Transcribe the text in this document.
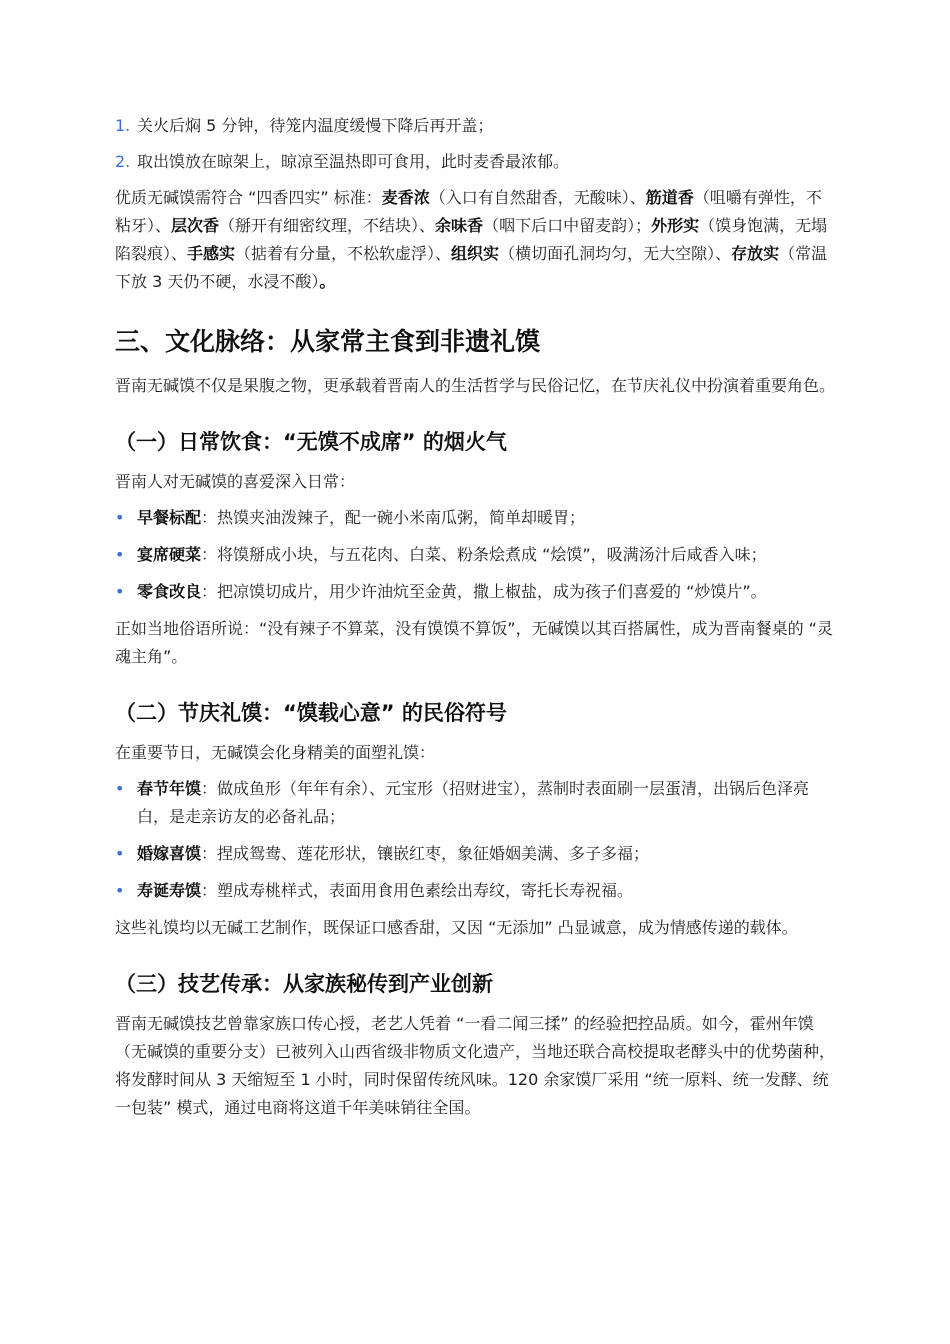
1. 关火后焖 5 分钟，待笼内温度缓慢下降后再开盖；
2. 取出馍放在晾架上，晾凉至温热即可食用，此时麦香最浓郁。

优质无碱馍需符合 “四香四实” 标准：麦香浓（入口有自然甜香，无酸味）、筋道香（咀嚼有弹性，不粘牙）、层次香（掰开有细密纹理，不结块）、余味香（咽下后口中留麦韵）；外形实（馍身饱满，无塌陷裂痕）、手感实（掂着有分量，不松软虚浮）、组织实（横切面孔洞均匀，无大空隙）、存放实（常温下放 3 天仍不硬，水浸不酸）。

三、文化脉络：从家常主食到非遗礼馍

晋南无碱馍不仅是果腹之物，更承载着晋南人的生活哲学与民俗记忆，在节庆礼仪中扮演着重要角色。

（一）日常饮食：“无馍不成席” 的烟火气

晋南人对无碱馍的喜爱深入日常：

• 早餐标配：热馍夹油泼辣子，配一碗小米南瓜粥，简单却暖胃；
• 宴席硬菜：将馍掰成小块，与五花肉、白菜、粉条烩煮成 “烩馍”，吸满汤汁后咸香入味；
• 零食改良：把凉馍切成片，用少许油炕至金黄，撒上椒盐，成为孩子们喜爱的 “炒馍片”。

正如当地俗语所说：“没有辣子不算菜，没有馍馍不算饭”，无碱馍以其百搭属性，成为晋南餐桌的 “灵魂主角”。

（二）节庆礼馍：“馍载心意” 的民俗符号

在重要节日，无碱馍会化身精美的面塑礼馍：

• 春节年馍：做成鱼形（年年有余）、元宝形（招财进宝），蒸制时表面刷一层蛋清，出锅后色泽亮白，是走亲访友的必备礼品；
• 婚嫁喜馍：捏成鸳鸯、莲花形状，镶嵌红枣，象征婚姻美满、多子多福；
• 寿诞寿馍：塑成寿桃样式，表面用食用色素绘出寿纹，寄托长寿祝福。

这些礼馍均以无碱工艺制作，既保证口感香甜，又因 “无添加” 凸显诚意，成为情感传递的载体。

（三）技艺传承：从家族秘传到产业创新

晋南无碱馍技艺曾靠家族口传心授，老艺人凭着 “一看二闻三揉” 的经验把控品质。如今，霍州年馍（无碱馍的重要分支）已被列入山西省级非物质文化遗产，当地还联合高校提取老酵头中的优势菌种，将发酵时间从 3 天缩短至 1 小时，同时保留传统风味。120 余家馍厂采用 “统一原料、统一发酵、统一包装” 模式，通过电商将这道千年美味销往全国。
